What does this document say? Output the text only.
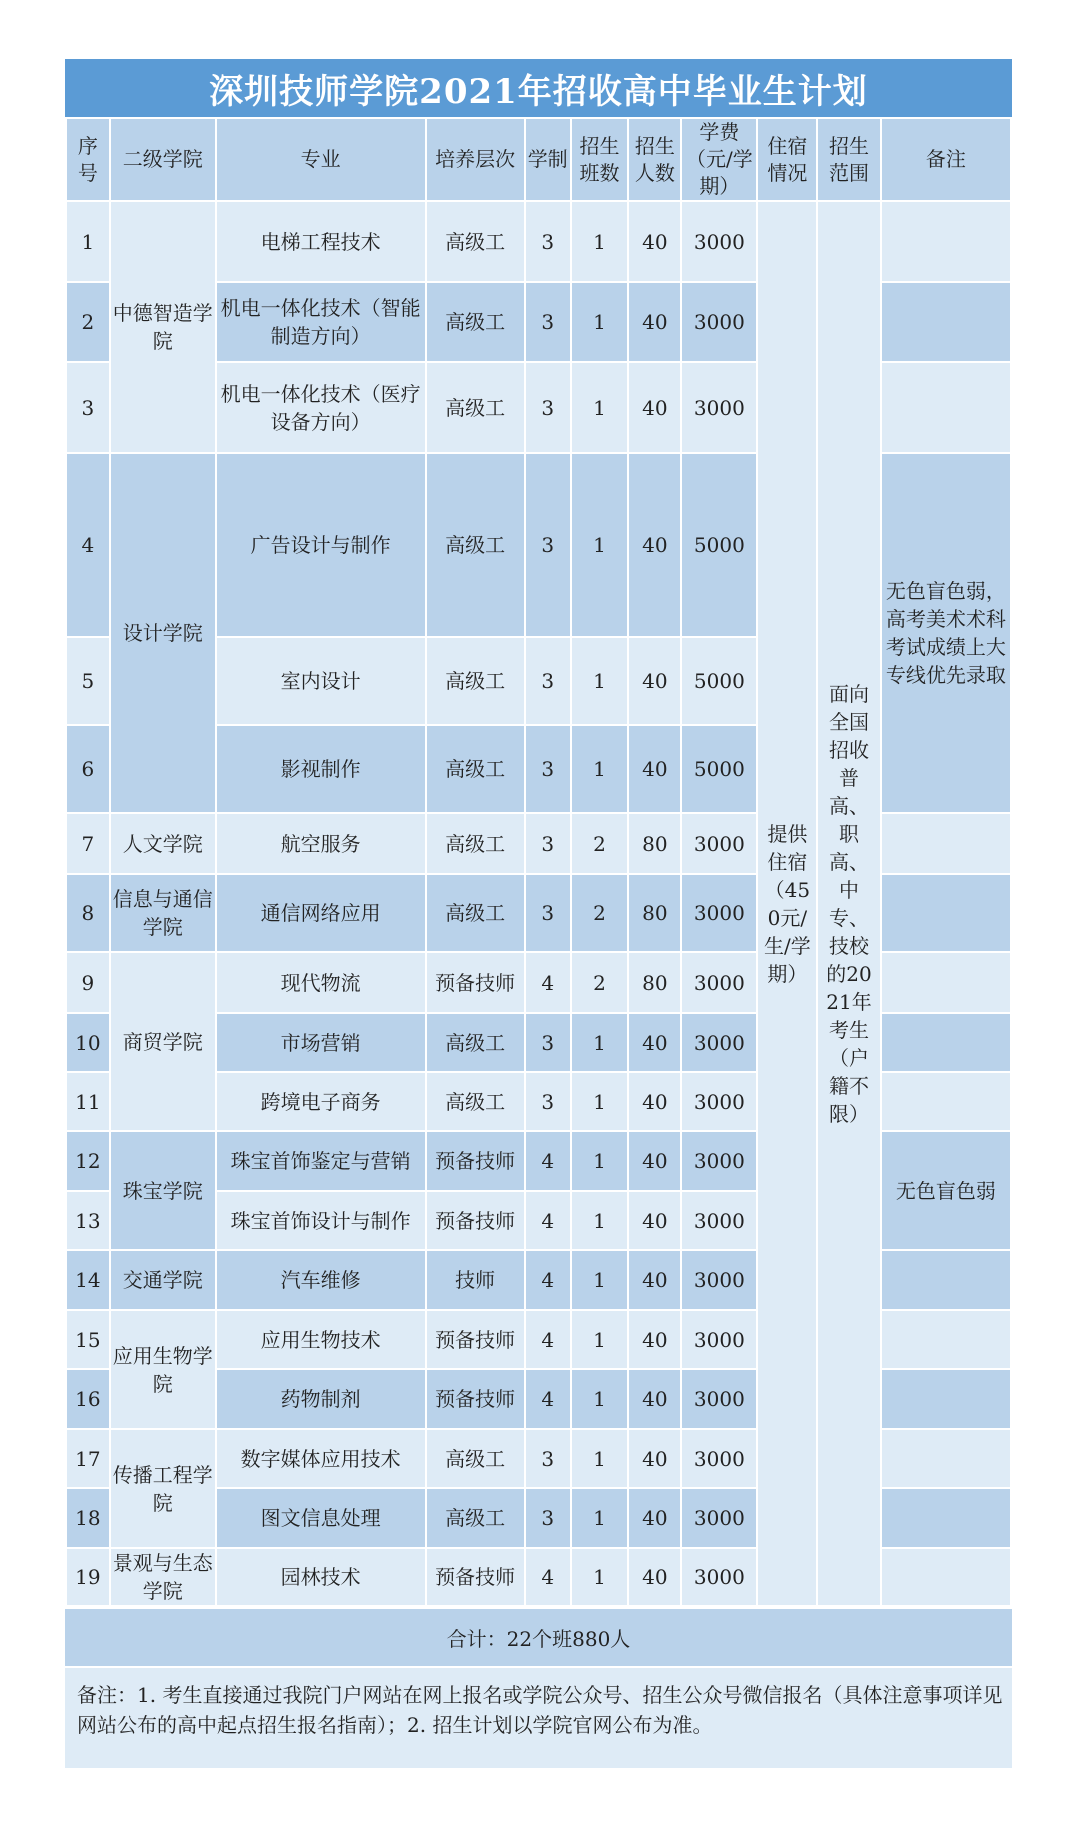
深圳技师学院2021年招收高中毕业生计划
序号	二级学院	专业	培养层次	学制	招生班数	招生人数	学费（元/学期）	住宿情况	招生范围	备注
1	中德智造学院	电梯工程技术	高级工	3	1	40	3000	提供住宿（450元/生/学期）	面向全国招收普高、职高、中专、技校的2021年考生（户籍不限）	
2		机电一体化技术（智能制造方向）	高级工	3	1	40	3000			
3		机电一体化技术（医疗设备方向）	高级工	3	1	40	3000			
4	设计学院	广告设计与制作	高级工	3	1	40	5000			无色盲色弱，高考美术术科考试成绩上大专线优先录取
5		室内设计	高级工	3	1	40	5000			
6		影视制作	高级工	3	1	40	5000			
7	人文学院	航空服务	高级工	3	2	80	3000			
8	信息与通信学院	通信网络应用	高级工	3	2	80	3000			
9	商贸学院	现代物流	预备技师	4	2	80	3000			
10		市场营销	高级工	3	1	40	3000			
11		跨境电子商务	高级工	3	1	40	3000			
12	珠宝学院	珠宝首饰鉴定与营销	预备技师	4	1	40	3000			无色盲色弱
13		珠宝首饰设计与制作	预备技师	4	1	40	3000			
14	交通学院	汽车维修	技师	4	1	40	3000			
15	应用生物学院	应用生物技术	预备技师	4	1	40	3000			
16		药物制剂	预备技师	4	1	40	3000			
17	传播工程学院	数字媒体应用技术	高级工	3	1	40	3000			
18		图文信息处理	高级工	3	1	40	3000			
19	景观与生态学院	园林技术	预备技师	4	1	40	3000			
合计：22个班880人
备注：1. 考生直接通过我院门户网站在网上报名或学院公众号、招生公众号微信报名（具体注意事项详见网站公布的高中起点招生报名指南）；2. 招生计划以学院官网公布为准。
